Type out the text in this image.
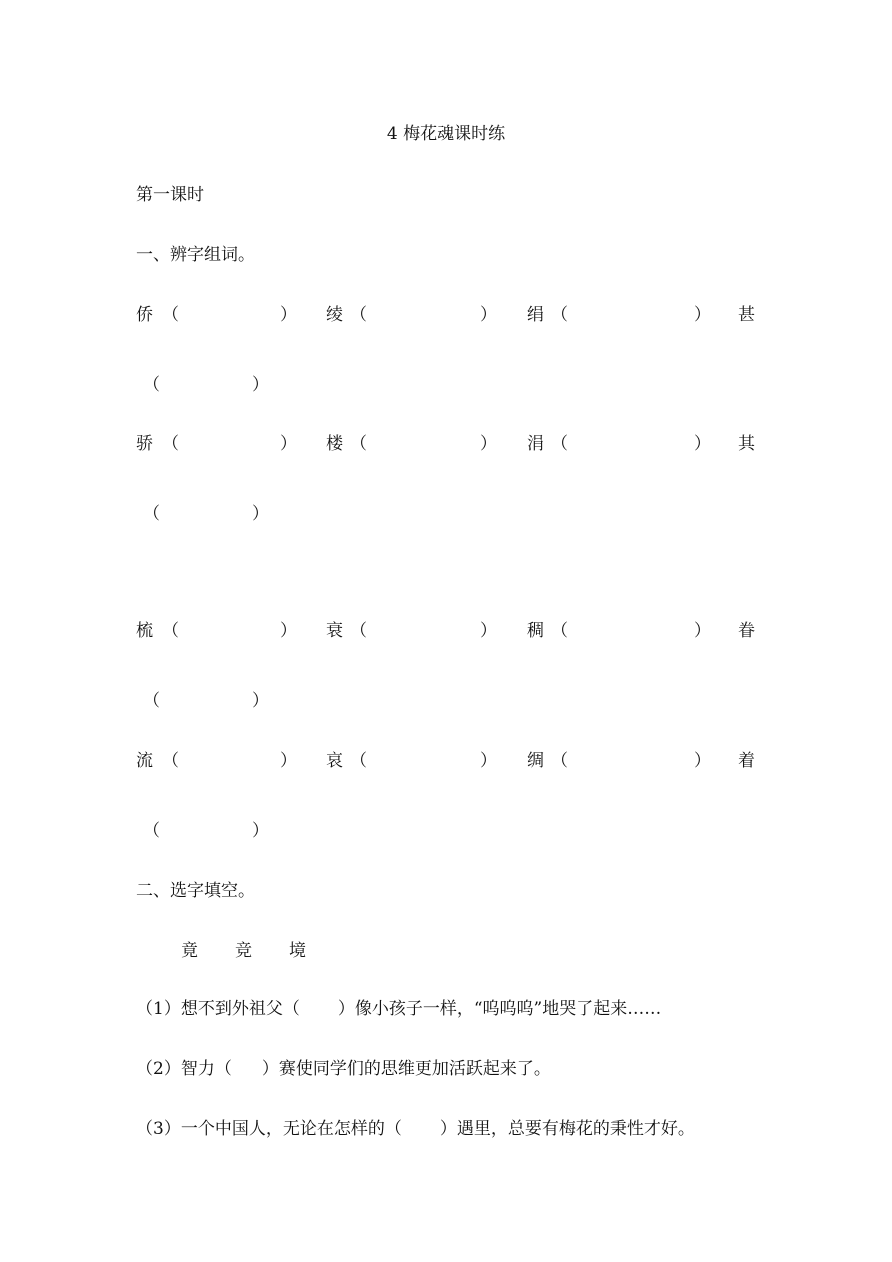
4 梅花魂课时练
第一课时
一、辨字组词。
侨 （	） 绫 （	） 绢 （	） 甚
（	）
骄 （	） 楼 （	） 涓 （	） 其
（	）
梳 （	） 衰 （	） 稠 （	） 眷
（	）
流 （	） 哀 （	） 绸 （	） 着
（	）
二、选字填空。
竟 竞 境
（1）想不到外祖父（ ）像小孩子一样，“呜呜呜”地哭了起来……
（2）智力（ ）赛使同学们的思维更加活跃起来了。
（3）一个中国人，无论在怎样的（ ）遇里，总要有梅花的秉性才好。
